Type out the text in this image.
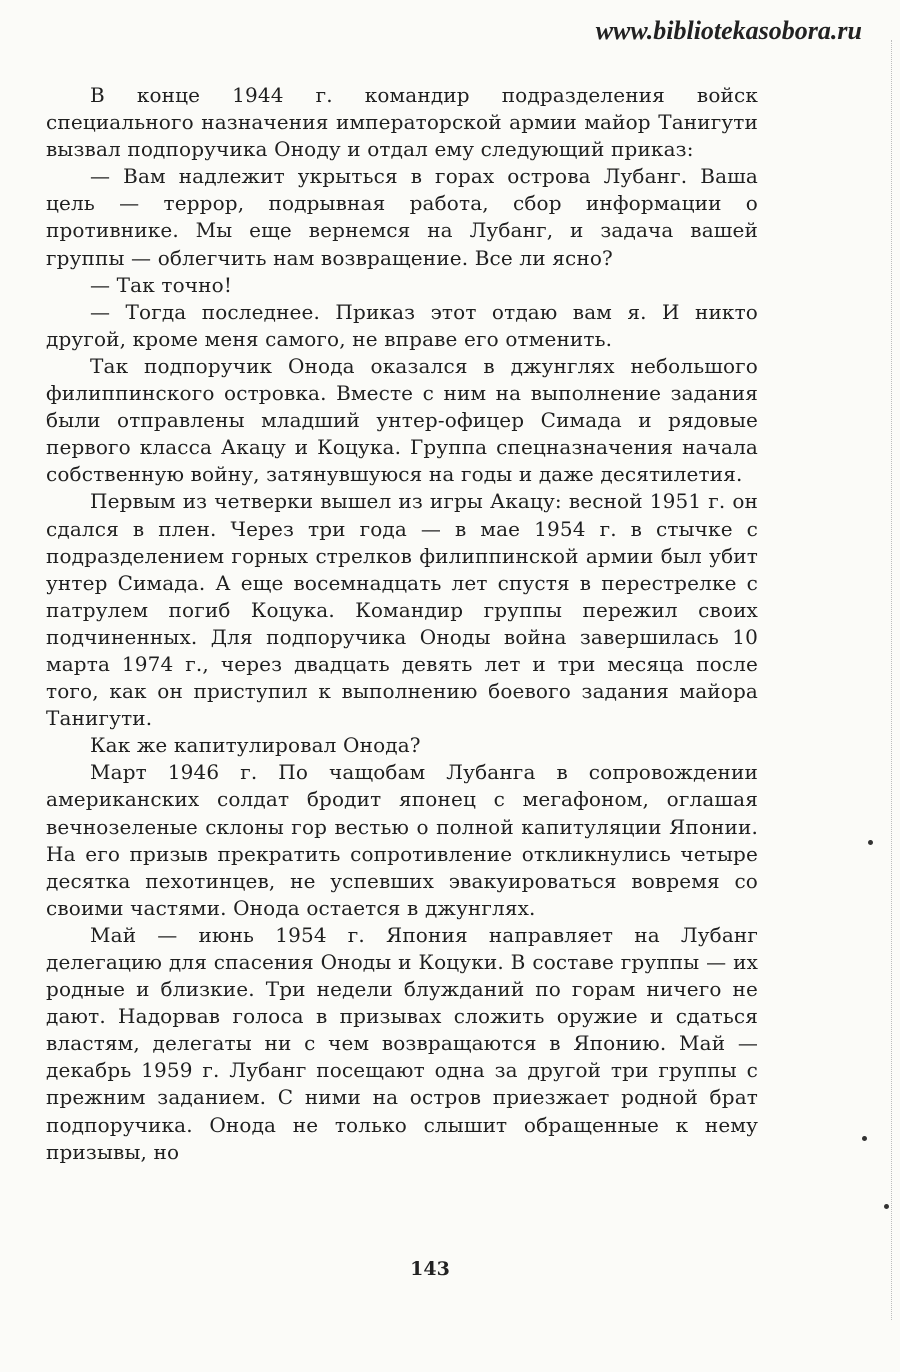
www.bibliotekasobora.ru

В конце 1944 г. командир подразделения войск специального назначения императорской армии майор Танигути вызвал подпоручика Оноду и отдал ему следующий приказ:

— Вам надлежит укрыться в горах острова Лубанг. Ваша цель — террор, подрывная работа, сбор информации о противнике. Мы еще вернемся на Лубанг, и задача вашей группы — облегчить нам возвращение. Все ли ясно?

— Так точно!

— Тогда последнее. Приказ этот отдаю вам я. И никто другой, кроме меня самого, не вправе его отменить.

Так подпоручик Онода оказался в джунглях небольшого филиппинского островка. Вместе с ним на выполнение задания были отправлены младший унтер-офицер Симада и рядовые первого класса Акацу и Коцука. Группа спецназначения начала собственную войну, затянувшуюся на годы и даже десятилетия.

Первым из четверки вышел из игры Акацу: весной 1951 г. он сдался в плен. Через три года — в мае 1954 г. в стычке с подразделением горных стрелков филиппинской армии был убит унтер Симада. А еще восемнадцать лет спустя в перестрелке с патрулем погиб Коцука. Командир группы пережил своих подчиненных. Для подпоручика Оноды война завершилась 10 марта 1974 г., через двадцать девять лет и три месяца после того, как он приступил к выполнению боевого задания майора Танигути.

Как же капитулировал Онода?

Март 1946 г. По чащобам Лубанга в сопровождении американских солдат бродит японец с мегафоном, оглашая вечнозеленые склоны гор вестью о полной капитуляции Японии. На его призыв прекратить сопротивление откликнулись четыре десятка пехотинцев, не успевших эвакуироваться вовремя со своими частями. Онода остается в джунглях.

Май — июнь 1954 г. Япония направляет на Лубанг делегацию для спасения Оноды и Коцуки. В составе группы — их родные и близкие. Три недели блужданий по горам ничего не дают. Надорвав голоса в призывах сложить оружие и сдаться властям, делегаты ни с чем возвращаются в Японию. Май — декабрь 1959 г. Лубанг посещают одна за другой три группы с прежним заданием. С ними на остров приезжает родной брат подпоручика. Онода не только слышит обращенные к нему призывы, но

143
